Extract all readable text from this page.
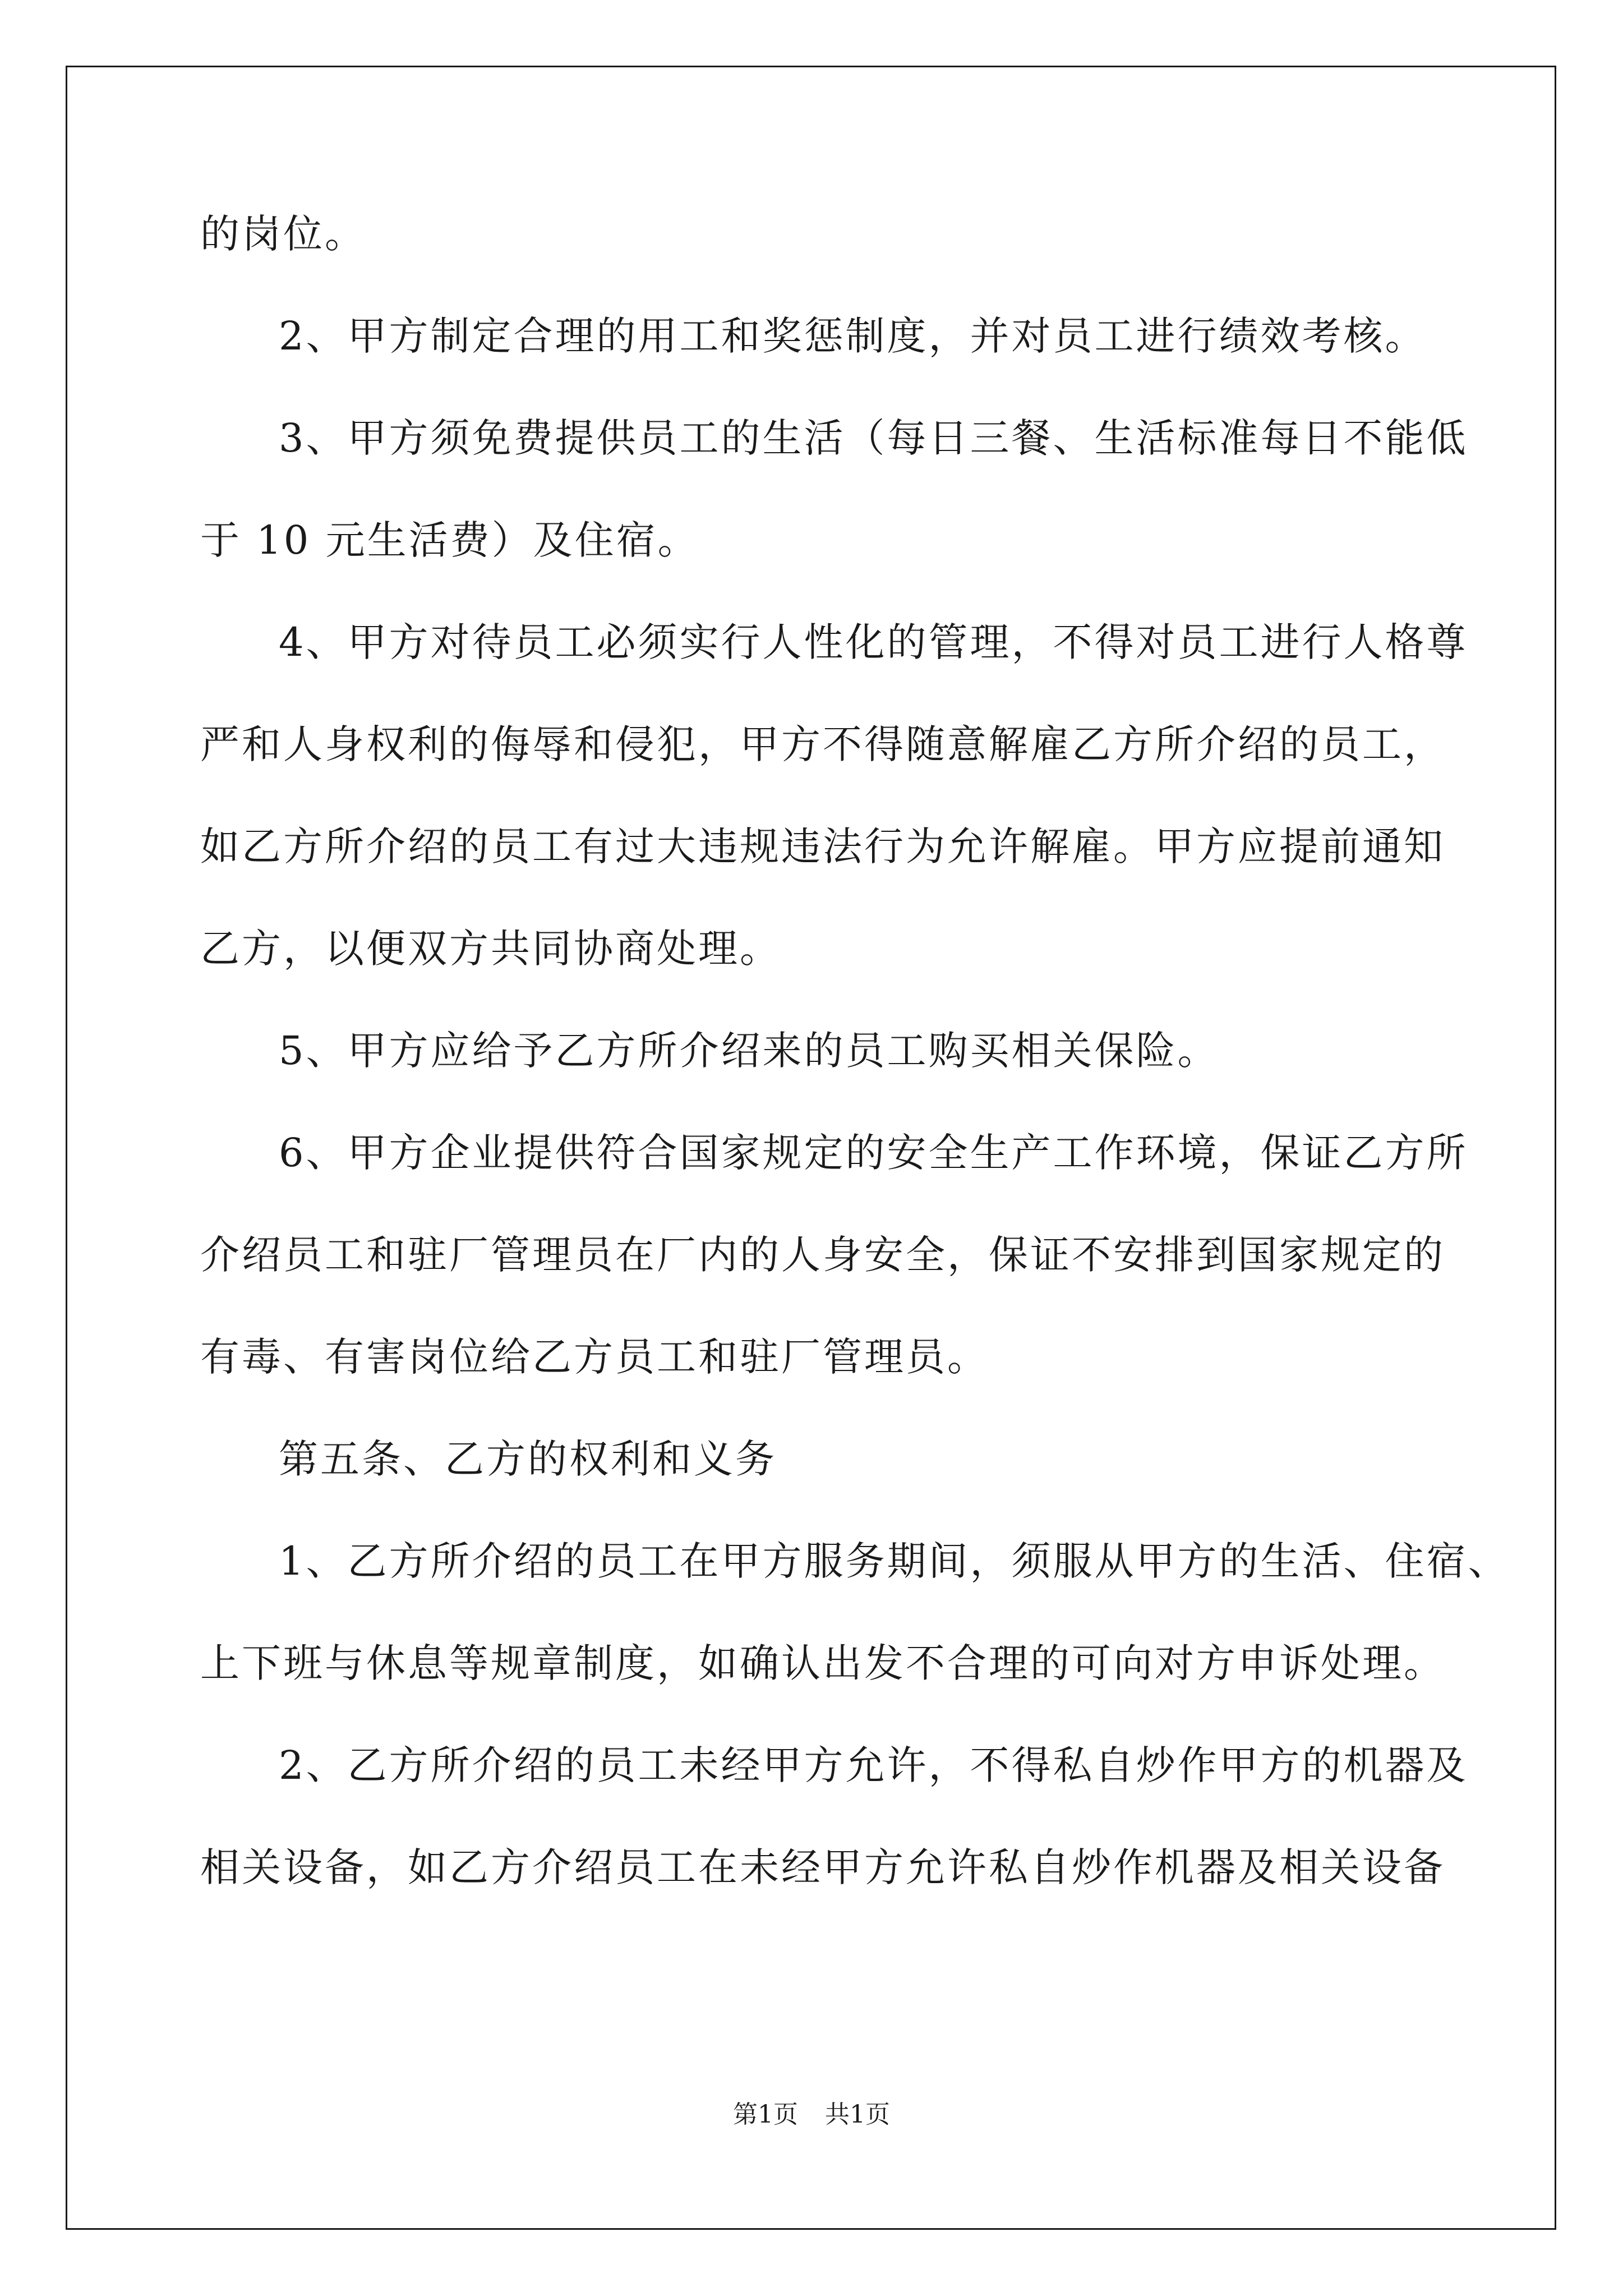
的岗位。
2、甲方制定合理的用工和奖惩制度，并对员工进行绩效考核。
3、甲方须免费提供员工的生活（每日三餐、生活标准每日不能低
于 10 元生活费）及住宿。
4、甲方对待员工必须实行人性化的管理，不得对员工进行人格尊
严和人身权利的侮辱和侵犯，甲方不得随意解雇乙方所介绍的员工，
如乙方所介绍的员工有过大违规违法行为允许解雇。甲方应提前通知
乙方，以便双方共同协商处理。
5、甲方应给予乙方所介绍来的员工购买相关保险。
6、甲方企业提供符合国家规定的安全生产工作环境，保证乙方所
介绍员工和驻厂管理员在厂内的人身安全，保证不安排到国家规定的
有毒、有害岗位给乙方员工和驻厂管理员。
第五条、乙方的权利和义务
1、乙方所介绍的员工在甲方服务期间，须服从甲方的生活、住宿、
上下班与休息等规章制度，如确认出发不合理的可向对方申诉处理。
2、乙方所介绍的员工未经甲方允许，不得私自炒作甲方的机器及
相关设备，如乙方介绍员工在未经甲方允许私自炒作机器及相关设备
第1页 共1页
